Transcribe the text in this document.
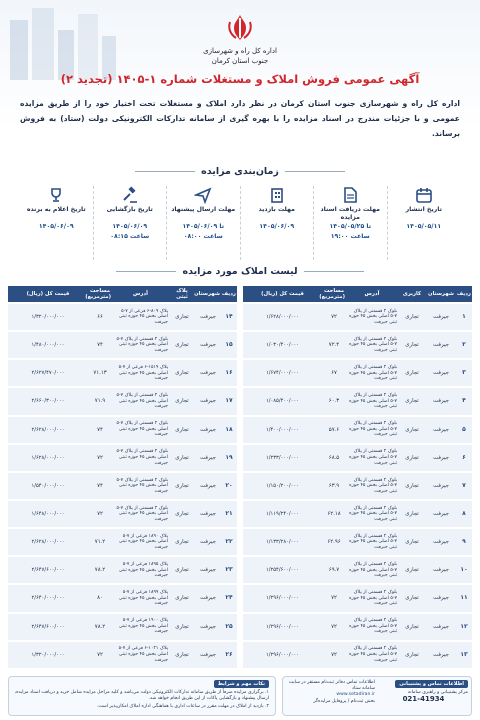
اداره کل راه و شهرسازی
جنوب استان کرمان
آگهی عمومی فروش املاک و مستغلات شماره ۱-۱۴۰۵ (تجدید ۲)
اداره کل راه و شهرسازی جنوب استان کرمان در نظر دارد املاک و مستغلات تحت اختیار خود را از طریق مزایده عمومی و با جزئیات مندرج در اسناد مزایده را با بهره گیری از سامانه تدارکات الکترونیکی دولت (ستاد) به فروش برساند.
زمان‌بندی مزایده
تاریخ انتشار
۱۴۰۵/۰۵/۱۱
مهلت دریافت اسناد مزایده
۱۴۰۵/۰۵/۲۵ تا
ساعت ۱۹:۰۰
مهلت بازدید
۱۴۰۵/۰۶/۰۹
مهلت ارسال پیشنهاد
تا ۱۴۰۵/۰۶/۰۹
ساعت ۰۸:۰۰
تاریخ بازگشایی
۱۴۰۵/۰۶/۰۹
ساعت ۰۸:۱۵
تاریخ اعلام به برنده
۱۴۰۵/۰۶/۰۹
لیست املاک مورد مزایده
ردیف	شهرستان	کاربری	آدرس	مساحت (مترمربع)	قیمت کل (ریال)
۱	جیرفت	تجاری	بلوک ۲ قسمتی از پلاک ۷-۵ اصلی بخش ۴۵ حوزه ثبتی جیرفت	۷۲	۱/۶۲۸/۰۰۰/۰۰۰
۲	جیرفت	تجاری	بلوک ۲ قسمتی از پلاک ۷-۵ اصلی بخش ۴۵ حوزه ثبتی جیرفت	۷۲.۴	۱/۰۳۰/۴۰۰/۰۰۰
۳	جیرفت	تجاری	بلوک ۲ قسمتی از پلاک ۷-۵ اصلی بخش ۴۵ حوزه ثبتی جیرفت	۶۷	۱/۶۷۴/۰۰۰/۰۰۰
۴	جیرفت	تجاری	بلوک ۲ قسمتی از پلاک ۷-۵ اصلی بخش ۴۵ حوزه ثبتی جیرفت	۶۰.۳	۱/۰۸۵/۴۰۰/۰۰۰
۵	جیرفت	تجاری	بلوک ۲ قسمتی از پلاک ۷-۵ اصلی بخش ۴۵ حوزه ثبتی جیرفت	۵۷.۶	۱/۴۰۰/۰۰۰/۰۰۰
۶	جیرفت	تجاری	بلوک ۲ قسمتی از پلاک ۷-۵ اصلی بخش ۴۵ حوزه ثبتی جیرفت	۶۸.۵	۱/۲۳۳/۰۰۰/۰۰۰
۷	جیرفت	تجاری	بلوک ۲ قسمتی از پلاک ۷-۵ اصلی بخش ۴۵ حوزه ثبتی جیرفت	۶۳.۹	۱/۱۵۰/۲۰۰/۰۰۰
۸	جیرفت	تجاری	بلوک ۲ قسمتی از پلاک ۷-۵ اصلی بخش ۴۵ حوزه ثبتی جیرفت	۶۲.۱۸	۱/۱۱۹/۲۴۰/۰۰۰
۹	جیرفت	تجاری	بلوک ۲ قسمتی از پلاک ۷-۵ اصلی بخش ۴۵ حوزه ثبتی جیرفت	۶۲.۹۶	۱/۱۳۳/۲۸۰/۰۰۰
۱۰	جیرفت	تجاری	بلوک ۲ قسمتی از پلاک ۷-۵ اصلی بخش ۴۵ حوزه ثبتی جیرفت	۶۹.۷	۱/۲۵۴/۶۰۰/۰۰۰
۱۱	جیرفت	تجاری	بلوک ۲ قسمتی از پلاک ۷-۵ اصلی بخش ۴۵ حوزه ثبتی جیرفت	۷۲	۱/۲۹۶/۰۰۰/۰۰۰
۱۲	جیرفت	تجاری	بلوک ۲ قسمتی از پلاک ۷-۵ اصلی بخش ۴۵ حوزه ثبتی جیرفت	۷۲	۱/۲۹۶/۰۰۰/۰۰۰
۱۳	جیرفت	تجاری	بلوک ۲ قسمتی از پلاک ۷-۵ اصلی بخش ۴۵ حوزه ثبتی جیرفت	۷۲	۱/۲۹۶/۰۰۰/۰۰۰
ردیف	شهرستان	پلاک ثبتی	آدرس	مساحت (مترمربع)	قیمت کل (ریال)
۱۴	جیرفت	تجاری	پلاک ۸۰۹-۶ فرعی از ۷-۵ اصلی بخش ۴۵ حوزه ثبتی جیرفت	۶۶	۱/۳۲۰/۰۰۰/۰۰۰
۱۵	جیرفت	تجاری	بلوک ۲ قسمتی از پلاک ۷-۵ اصلی بخش ۴۵ حوزه ثبتی جیرفت	۷۴	۱/۴۸۰/۰۰۰/۰۰۰
۱۶	جیرفت	تجاری	پلاک ۱۵۱۹-۶ فرعی از ۷-۵ اصلی بخش ۴۵ حوزه ثبتی جیرفت	۷۱.۱۳	۲/۶۲۷/۴۷۰/۰۰۰
۱۷	جیرفت	تجاری	بلوک ۲ قسمتی از پلاک ۷-۵ اصلی بخش ۴۵ حوزه ثبتی جیرفت	۷۱.۹	۲/۶۶۰/۳۰۰/۰۰۰
۱۸	جیرفت	تجاری	بلوک ۲ قسمتی از پلاک ۷-۵ اصلی بخش ۴۵ حوزه ثبتی جیرفت	۷۴	۲/۶۲۸/۰۰۰/۰۰۰
۱۹	جیرفت	تجاری	بلوک ۲ قسمتی از پلاک ۷-۵ اصلی بخش ۴۵ حوزه ثبتی جیرفت	۷۲	۱/۶۲۸/۰۰۰/۰۰۰
۲۰	جیرفت	تجاری	بلوک ۲ قسمتی از پلاک ۷-۵ اصلی بخش ۴۵ حوزه ثبتی جیرفت	۷۴	۱/۵۴۰/۰۰۰/۰۰۰
۲۱	جیرفت	تجاری	بلوک ۲ قسمتی از پلاک ۷-۵ اصلی بخش ۴۵ حوزه ثبتی جیرفت	۷۲	۱/۶۴۸/۰۰۰/۰۰۰
۲۲	جیرفت	تجاری	پلاک ۱۸۹۰ فرعی از ۷-۵ اصلی بخش ۴۵ حوزه ثبتی جیرفت	۷۱.۲	۲/۶۲۸/۰۰۰/۰۰۰
۲۳	جیرفت	تجاری	پلاک ۱۸۹۵ فرعی از ۷-۵ اصلی بخش ۴۵ حوزه ثبتی جیرفت	۷۸.۲	۲/۶۴۷/۶۰۰/۰۰۰
۲۴	جیرفت	تجاری	پلاک ۱۸۹۹ فرعی از ۷-۵ اصلی بخش ۴۵ حوزه ثبتی جیرفت	۸۰	۲/۶۴۰/۰۰۰/۰۰۰
۲۵	جیرفت	تجاری	پلاک ۱۹۰۰ فرعی از ۷-۵ اصلی بخش ۴۵ حوزه ثبتی جیرفت	۷۸.۲	۲/۶۴۷/۶۰۰/۰۰۰
۲۶	جیرفت	تجاری	پلاک ۱۰۲۱-۶ فرعی از ۷-۵ اصلی بخش ۴۵ حوزه ثبتی جیرفت	۷۲	۱/۳۲۰/۰۰۰/۰۰۰
اطلاعات تماس و پشتیبانی
مرکز پشتیبانی و راهبری سامانه
021-41934
اطلاعات تماس دفاتر ثبت‌نام مستقر در سایت سامانه ستاد
www.setadiran.ir
بخش ثبت‌نام / پروفایل مزایده‌گر
نکات مهم و شرایط

۱. برگزاری مزایده صرفاً از طریق سامانه تدارکات الکترونیکی دولت می‌باشد و کلیه مراحل مزایده شامل خرید و دریافت اسناد مزایده، ارسال پیشنهاد و بازگشایی پاکات از این طریق انجام خواهد شد.

۲. بازدید از املاک در مهلت مقرر در ساعات اداری با هماهنگی اداره املاک امکان‌پذیر است.
